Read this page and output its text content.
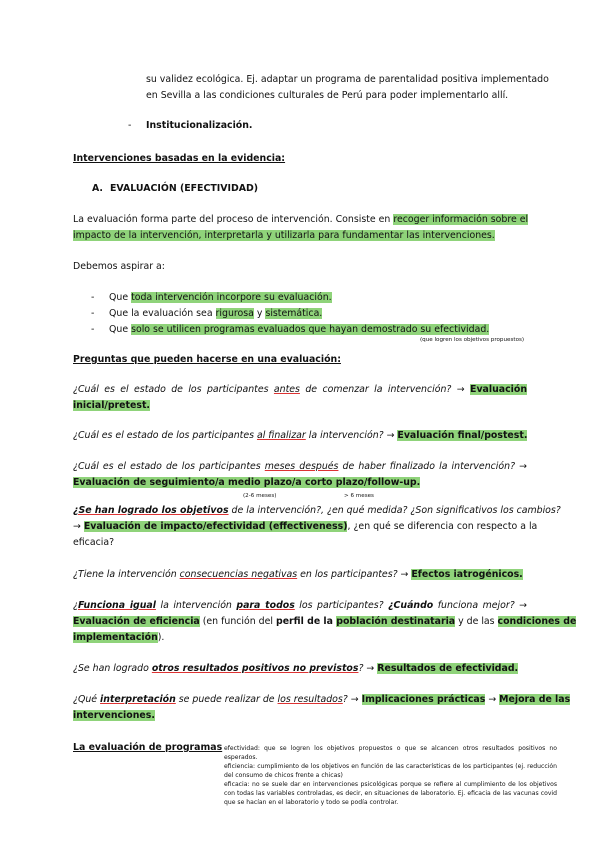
su validez ecológica. Ej. adaptar un programa de parentalidad positiva implementado
en Sevilla a las condiciones culturales de Perú para poder implementarlo allí.
- Institucionalización.
Intervenciones basadas en la evidencia:
A. EVALUACIÓN (EFECTIVIDAD)
La evaluación forma parte del proceso de intervención. Consiste en recoger información sobre el
impacto de la intervención, interpretarla y utilizarla para fundamentar las intervenciones.
Debemos aspirar a:
- Que toda intervención incorpore su evaluación.
- Que la evaluación sea rigurosa y sistemática.
- Que solo se utilicen programas evaluados que hayan demostrado su efectividad.
(que logren los objetivos propuestos)
Preguntas que pueden hacerse en una evaluación:
¿Cuál es el estado de los participantes antes de comenzar la intervención? → Evaluación
inicial/pretest.
¿Cuál es el estado de los participantes al finalizar la intervención? → Evaluación final/postest.
¿Cuál es el estado de los participantes meses después de haber finalizado la intervención? →
Evaluación de seguimiento/a medio plazo/a corto plazo/follow-up.
(2-6 meses)	> 6 meses
¿Se han logrado los objetivos de la intervención?, ¿en qué medida? ¿Son significativos los cambios?
→ Evaluación de impacto/efectividad (effectiveness), ¿en qué se diferencia con respecto a la
eficacia?
¿Tiene la intervención consecuencias negativas en los participantes? → Efectos iatrogénicos.
¿Funciona igual la intervención para todos los participantes? ¿Cuándo funciona mejor? →
Evaluación de eficiencia (en función del perfil de la población destinataria y de las condiciones de
implementación).
¿Se han logrado otros resultados positivos no previstos? → Resultados de efectividad.
¿Qué interpretación se puede realizar de los resultados? → Implicaciones prácticas → Mejora de las
intervenciones.
La evaluación de programas efectividad: que se logren los objetivos propuestos o que se alcancen otros resultados positivos no esperados.
eficiencia: cumplimiento de los objetivos en función de las características de los participantes (ej. reducción del consumo de chicos frente a chicas)
eficacia: no se suele dar en intervenciones psicológicas porque se refiere al cumplimiento de los objetivos con todas las variables controladas, es decir, en situaciones de laboratorio. Ej. eficacia de las vacunas covid que se hacían en el laboratorio y todo se podía controlar.
